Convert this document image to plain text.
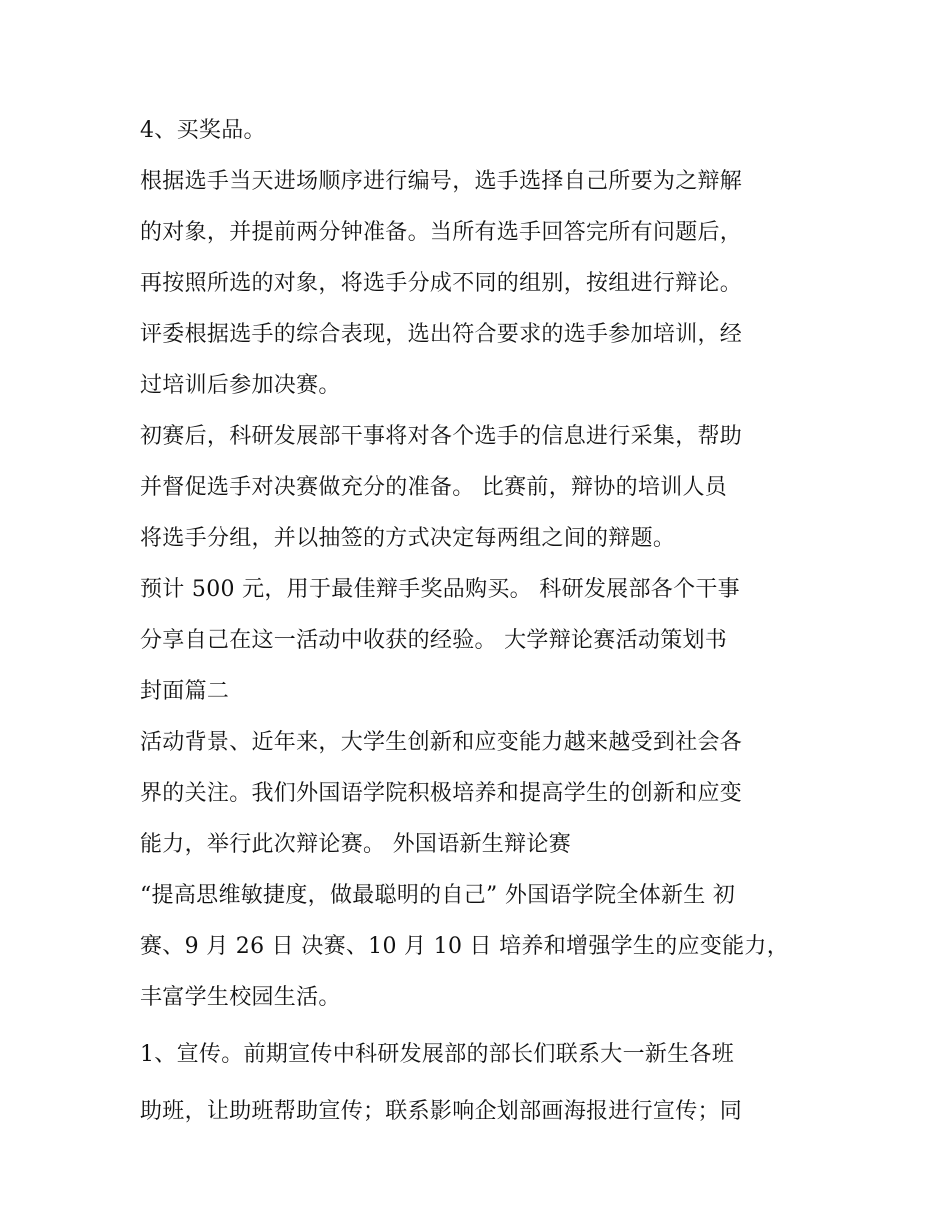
4、买奖品。
根据选手当天进场顺序进行编号，选手选择自己所要为之辩解
的对象，并提前两分钟准备。当所有选手回答完所有问题后，
再按照所选的对象，将选手分成不同的组别，按组进行辩论。
评委根据选手的综合表现，选出符合要求的选手参加培训，经
过培训后参加决赛。
初赛后，科研发展部干事将对各个选手的信息进行采集，帮助
并督促选手对决赛做充分的准备。 比赛前，辩协的培训人员
将选手分组，并以抽签的方式决定每两组之间的辩题。
预计 500 元，用于最佳辩手奖品购买。 科研发展部各个干事
分享自己在这一活动中收获的经验。 大学辩论赛活动策划书
封面篇二
活动背景、近年来，大学生创新和应变能力越来越受到社会各
界的关注。我们外国语学院积极培养和提高学生的创新和应变
能力，举行此次辩论赛。 外国语新生辩论赛
“提高思维敏捷度，做最聪明的自己” 外国语学院全体新生 初
赛、9 月 26 日 决赛、10 月 10 日 培养和增强学生的应变能力，
丰富学生校园生活。
1、宣传。前期宣传中科研发展部的部长们联系大一新生各班
助班，让助班帮助宣传；联系影响企划部画海报进行宣传；同
